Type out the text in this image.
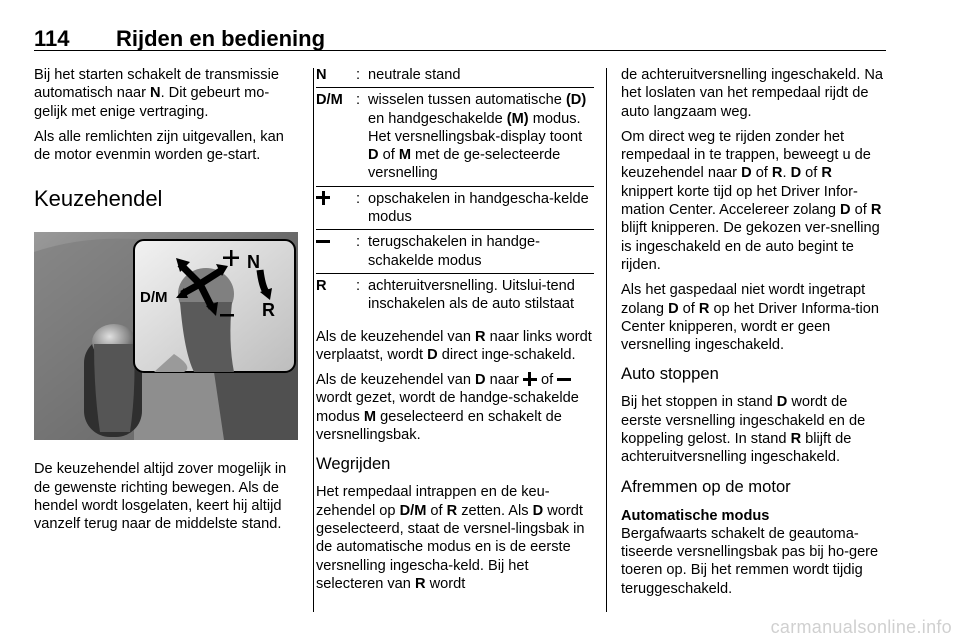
114 Rijden en bediening

Bij het starten schakelt de transmissie automatisch naar N. Dit gebeurt mo-gelijk met enige vertraging.

Als alle remlichten zijn uitgevallen, kan de motor evenmin worden ge-start.

Keuzehendel
N
R
D/M

De keuzehendel altijd zover mogelijk in de gewenste richting bewegen. Als de hendel wordt losgelaten, keert hij altijd vanzelf terug naar de middelste stand.

N	: neutrale stand
D/M : wisselen tussen automatische (D) en handgeschakelde (M) modus. Het versnellingsbak-display toont D of M met de ge-selecteerde versnelling
: opschakelen in handgescha-kelde modus
: terugschakelen in handge-schakelde modus
R	: achteruitversnelling. Uitslui-tend inschakelen als de auto stilstaat

Als de keuzehendel van R naar links wordt verplaatst, wordt D direct inge-schakeld.

Als de keuzehendel van D naar  of  wordt gezet, wordt de handge-schakelde modus M geselecteerd en schakelt de versnellingsbak.

Wegrijden

Het rempedaal intrappen en de keu-zehendel op D/M of R zetten. Als D wordt geselecteerd, staat de versnel-lingsbak in de automatische modus en is de eerste versnelling ingescha-keld. Bij het selecteren van R wordt

de achteruitversnelling ingeschakeld. Na het loslaten van het rempedaal rijdt de auto langzaam weg.

Om direct weg te rijden zonder het rempedaal in te trappen, beweegt u de keuzehendel naar D of R. D of R knippert korte tijd op het Driver Infor-mation Center. Accelereer zolang D of R blijft knipperen. De gekozen ver-snelling is ingeschakeld en de auto begint te rijden.

Als het gaspedaal niet wordt ingetrapt zolang D of R op het Driver Informa-tion Center knipperen, wordt er geen versnelling ingeschakeld.

Auto stoppen

Bij het stoppen in stand D wordt de eerste versnelling ingeschakeld en de koppeling gelost. In stand R blijft de achteruitversnelling ingeschakeld.

Afremmen op de motor
Automatische modus

Bergafwaarts schakelt de geautoma-tiseerde versnellingsbak pas bij ho-gere toeren op. Bij het remmen wordt tijdig teruggeschakeld.

carmanualsonline.info
